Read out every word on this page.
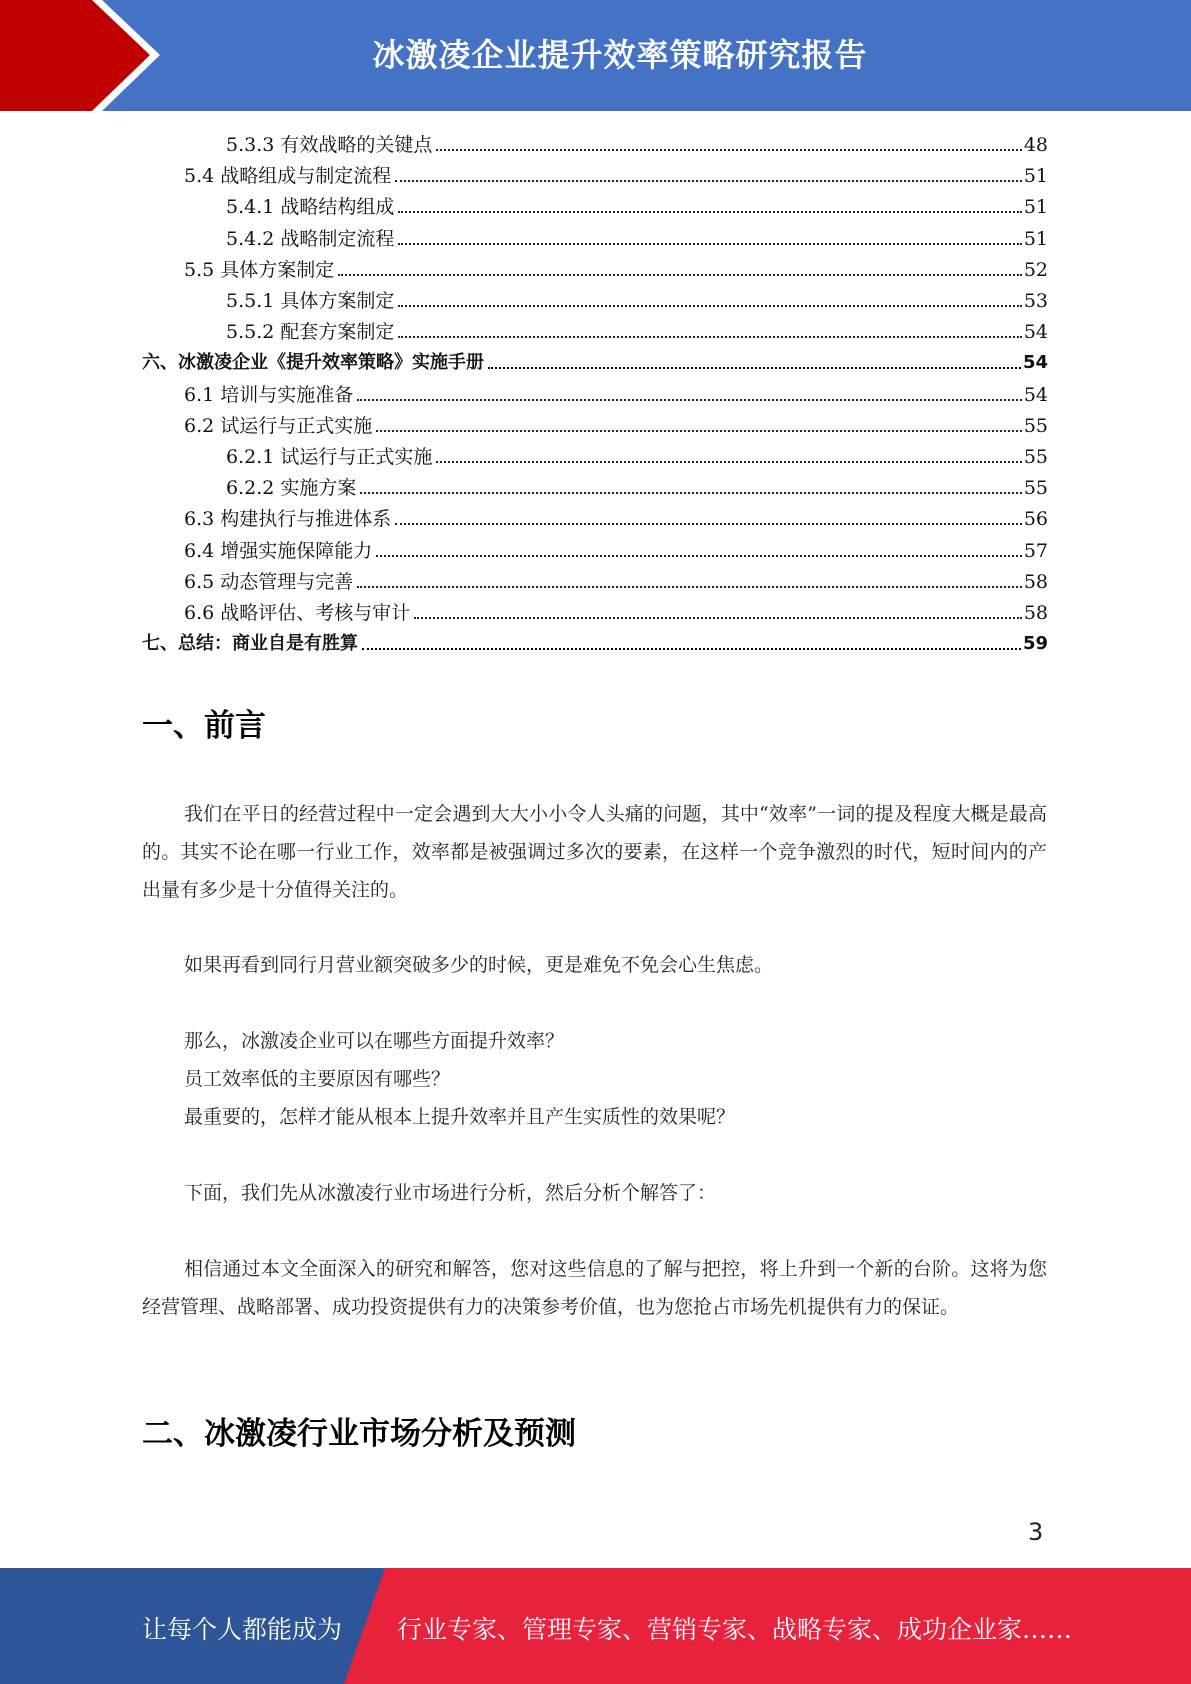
冰激凌企业提升效率策略研究报告
5.3.3 有效战略的关键点	48
5.4 战略组成与制定流程	51
5.4.1 战略结构组成	51
5.4.2 战略制定流程	51
5.5 具体方案制定	52
5.5.1 具体方案制定	53
5.5.2 配套方案制定	54
六、冰激凌企业《提升效率策略》实施手册	54
6.1 培训与实施准备	54
6.2 试运行与正式实施	55
6.2.1 试运行与正式实施	55
6.2.2 实施方案	55
6.3 构建执行与推进体系	56
6.4 增强实施保障能力	57
6.5 动态管理与完善	58
6.6 战略评估、考核与审计	58
七、总结：商业自是有胜算	59
一、前言
我们在平日的经营过程中一定会遇到大大小小令人头痛的问题，其中“效率”一词的提及程度大概是最高的。其实不论在哪一行业工作，效率都是被强调过多次的要素，在这样一个竞争激烈的时代，短时间内的产出量有多少是十分值得关注的。
如果再看到同行月营业额突破多少的时候，更是难免不免会心生焦虑。
那么，冰激凌企业可以在哪些方面提升效率？
员工效率低的主要原因有哪些？
最重要的，怎样才能从根本上提升效率并且产生实质性的效果呢？
下面，我们先从冰激凌行业市场进行分析，然后分析个解答了：
相信通过本文全面深入的研究和解答，您对这些信息的了解与把控，将上升到一个新的台阶。这将为您经营管理、战略部署、成功投资提供有力的决策参考价值，也为您抢占市场先机提供有力的保证。
二、冰激凌行业市场分析及预测
3
让每个人都能成为 行业专家、管理专家、营销专家、战略专家、成功企业家……
